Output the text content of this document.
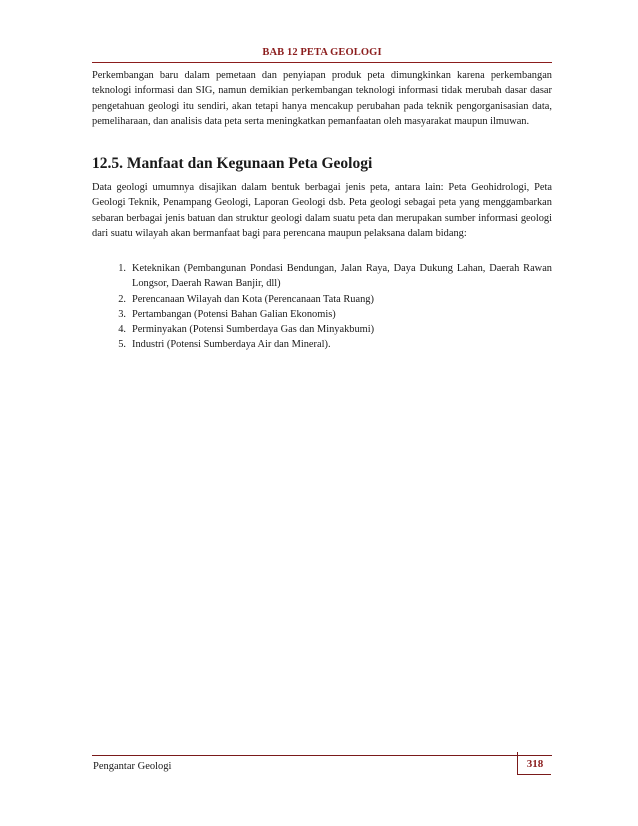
BAB 12 PETA GEOLOGI

Perkembangan baru dalam pemetaan dan penyiapan produk peta dimungkinkan karena perkembangan teknologi informasi dan SIG, namun demikian perkembangan teknologi informasi tidak merubah dasar dasar pengetahuan geologi itu sendiri, akan tetapi hanya mencakup perubahan pada teknik pengorganisasian data, pemeliharaan, dan analisis data peta serta meningkatkan pemanfaatan oleh masyarakat maupun ilmuwan.

12.5. Manfaat dan Kegunaan Peta Geologi

Data geologi umumnya disajikan dalam bentuk berbagai jenis peta, antara lain: Peta Geohidrologi, Peta Geologi Teknik, Penampang Geologi, Laporan Geologi dsb. Peta geologi sebagai peta yang menggambarkan sebaran berbagai jenis batuan dan struktur geologi dalam suatu peta dan merupakan sumber informasi geologi dari suatu wilayah akan bermanfaat bagi para perencana maupun pelaksana dalam bidang:

1. Keteknikan (Pembangunan Pondasi Bendungan, Jalan Raya, Daya Dukung Lahan, Daerah Rawan Longsor, Daerah Rawan Banjir, dll)
2. Perencanaan Wilayah dan Kota (Perencanaan Tata Ruang)
3. Pertambangan (Potensi Bahan Galian Ekonomis)
4. Perminyakan (Potensi Sumberdaya Gas dan Minyakbumi)
5. Industri (Potensi Sumberdaya Air dan Mineral).
Pengantar Geologi	318
